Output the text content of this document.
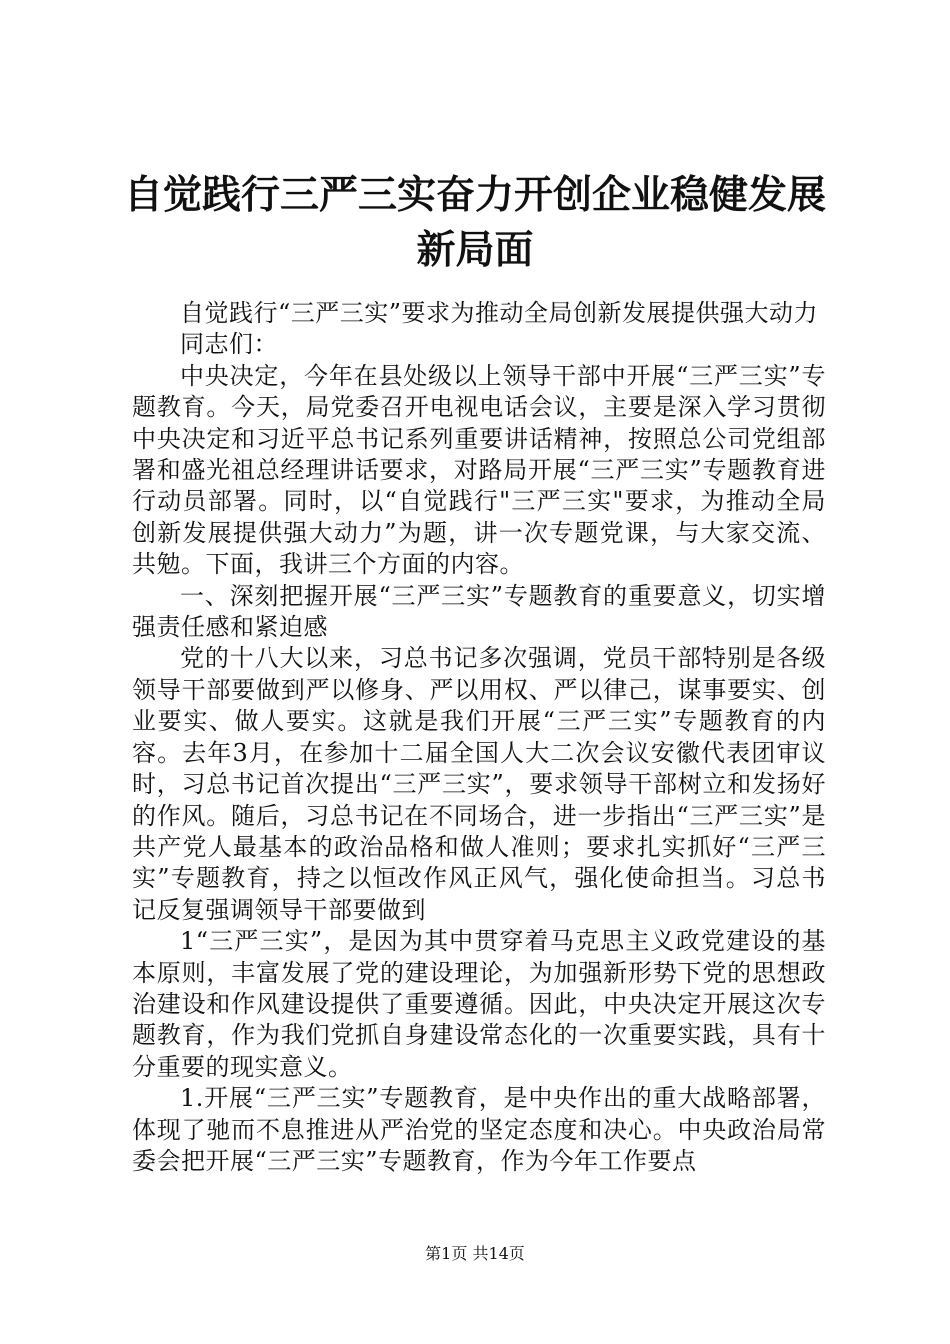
自觉践行三严三实奋力开创企业稳健发展新局面

自觉践行“三严三实”要求为推动全局创新发展提供强大动力

同志们：

中央决定，今年在县处级以上领导干部中开展“三严三实”专题教育。今天，局党委召开电视电话会议，主要是深入学习贯彻中央决定和习近平总书记系列重要讲话精神，按照总公司党组部署和盛光祖总经理讲话要求，对路局开展“三严三实”专题教育进行动员部署。同时，以“自觉践行"三严三实"要求，为推动全局创新发展提供强大动力”为题，讲一次专题党课，与大家交流、共勉。下面，我讲三个方面的内容。

一、深刻把握开展“三严三实”专题教育的重要意义，切实增强责任感和紧迫感

党的十八大以来，习总书记多次强调，党员干部特别是各级领导干部要做到严以修身、严以用权、严以律己，谋事要实、创业要实、做人要实。这就是我们开展“三严三实”专题教育的内容。去年3月，在参加十二届全国人大二次会议安徽代表团审议时，习总书记首次提出“三严三实”，要求领导干部树立和发扬好的作风。随后，习总书记在不同场合，进一步指出“三严三实”是共产党人最基本的政治品格和做人准则；要求扎实抓好“三严三实”专题教育，持之以恒改作风正风气，强化使命担当。习总书记反复强调领导干部要做到

1“三严三实”，是因为其中贯穿着马克思主义政党建设的基本原则，丰富发展了党的建设理论，为加强新形势下党的思想政治建设和作风建设提供了重要遵循。因此，中央决定开展这次专题教育，作为我们党抓自身建设常态化的一次重要实践，具有十分重要的现实意义。

1.开展“三严三实”专题教育，是中央作出的重大战略部署，体现了驰而不息推进从严治党的坚定态度和决心。中央政治局常委会把开展“三严三实”专题教育，作为今年工作要点

第1页 共14页
